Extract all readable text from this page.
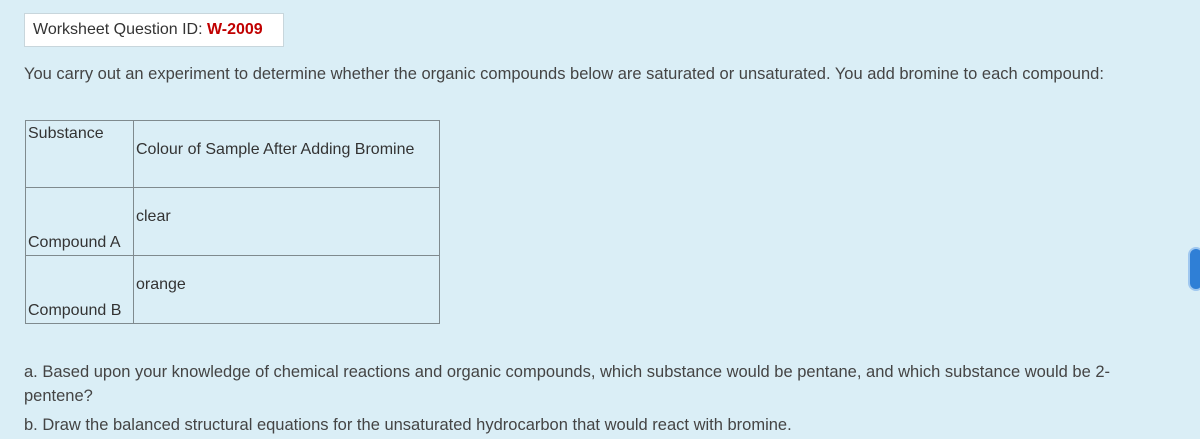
Worksheet Question ID: W-2009
You carry out an experiment to determine whether the organic compounds below are saturated or unsaturated. You add bromine to each compound:
Substance	Colour of Sample After Adding Bromine
Compound A	clear
Compound B	orange
a. Based upon your knowledge of chemical reactions and organic compounds, which substance would be pentane, and which substance would be 2-pentene?
b. Draw the balanced structural equations for the unsaturated hydrocarbon that would react with bromine.
